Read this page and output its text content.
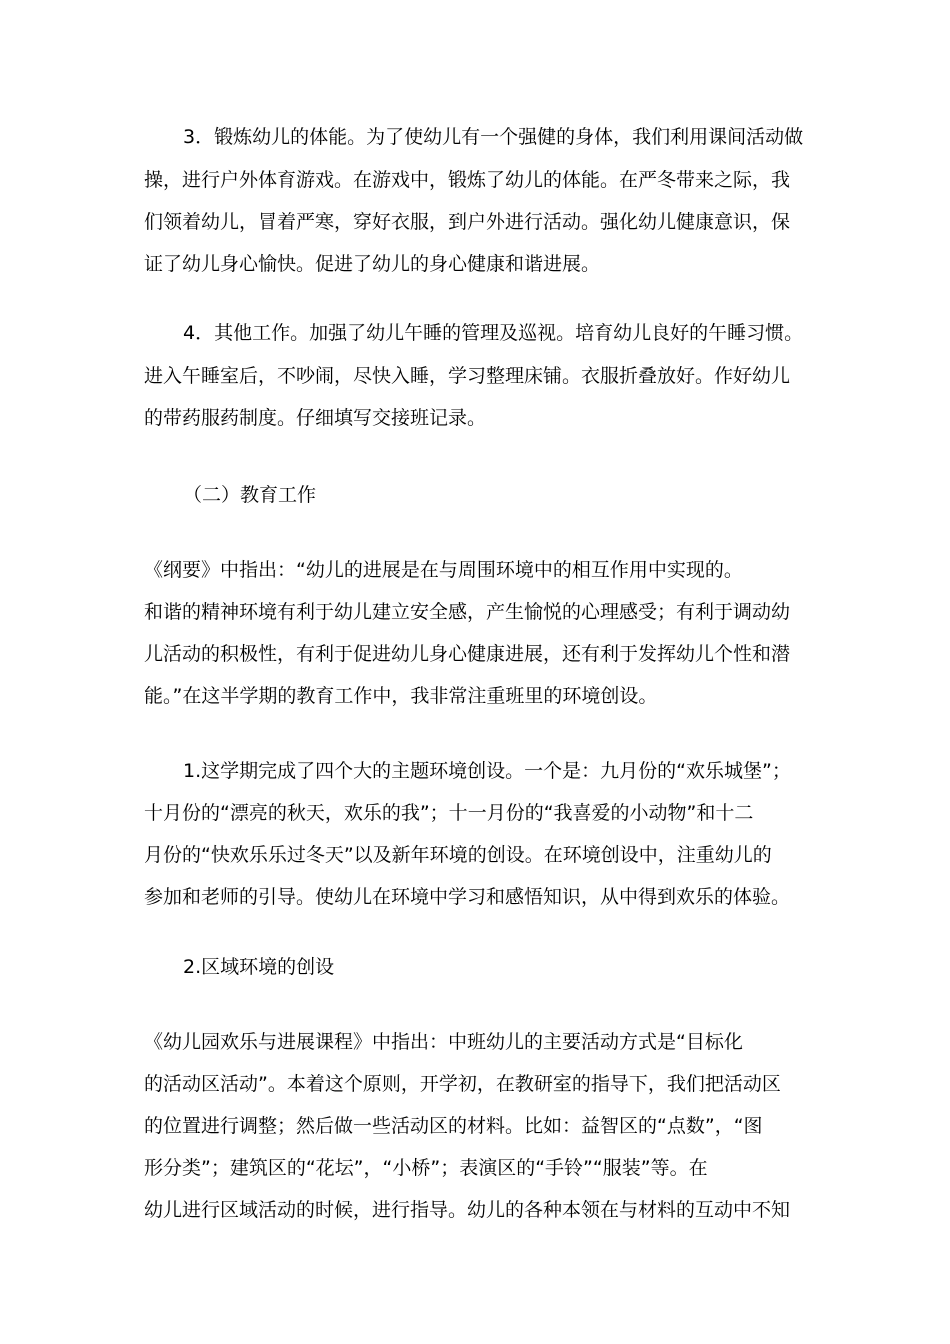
3．锻炼幼儿的体能。为了使幼儿有一个强健的身体，我们利用课间活动做
操，进行户外体育游戏。在游戏中，锻炼了幼儿的体能。在严冬带来之际，我
们领着幼儿，冒着严寒，穿好衣服，到户外进行活动。强化幼儿健康意识，保
证了幼儿身心愉快。促进了幼儿的身心健康和谐进展。
4．其他工作。加强了幼儿午睡的管理及巡视。培育幼儿良好的午睡习惯。
进入午睡室后，不吵闹，尽快入睡，学习整理床铺。衣服折叠放好。作好幼儿
的带药服药制度。仔细填写交接班记录。
（二）教育工作
《纲要》中指出：“幼儿的进展是在与周围环境中的相互作用中实现的。
和谐的精神环境有利于幼儿建立安全感，产生愉悦的心理感受；有利于调动幼
儿活动的积极性，有利于促进幼儿身心健康进展，还有利于发挥幼儿个性和潜
能。”在这半学期的教育工作中，我非常注重班里的环境创设。
1.这学期完成了四个大的主题环境创设。一个是：九月份的“欢乐城堡”；
十月份的“漂亮的秋天，欢乐的我”；十一月份的“我喜爱的小动物”和十二
月份的“快欢乐乐过冬天”以及新年环境的创设。在环境创设中，注重幼儿的
参加和老师的引导。使幼儿在环境中学习和感悟知识，从中得到欢乐的体验。
2.区域环境的创设
《幼儿园欢乐与进展课程》中指出：中班幼儿的主要活动方式是“目标化
的活动区活动”。本着这个原则，开学初，在教研室的指导下，我们把活动区
的位置进行调整；然后做一些活动区的材料。比如：益智区的“点数”，“图
形分类”；建筑区的“花坛”，“小桥”；表演区的“手铃”“服装”等。在
幼儿进行区域活动的时候，进行指导。幼儿的各种本领在与材料的互动中不知
